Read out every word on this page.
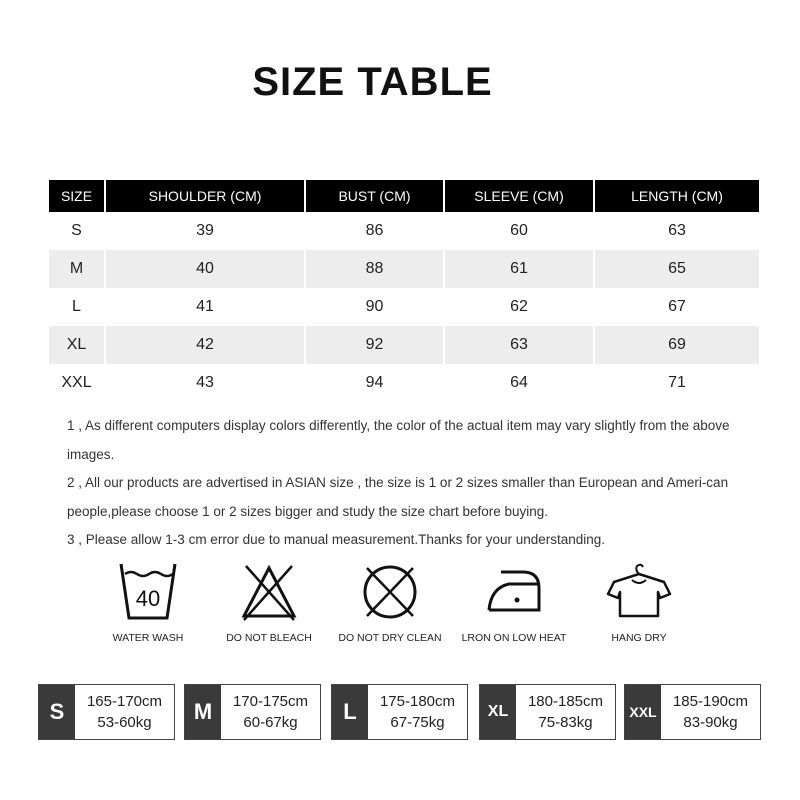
SIZE TABLE
SIZE	SHOULDER (CM)	BUST (CM)	SLEEVE (CM)	LENGTH (CM)
S	39	86	60	63
M	40	88	61	65
L	41	90	62	67
XL	42	92	63	69
XXL	43	94	64	71

1 , As different computers display colors differently, the color of the actual item may vary slightly from the above images.

2 , All our products are advertised in ASIAN size , the size is 1 or 2 sizes smaller than European and Ameri-can people,please choose 1 or 2 sizes bigger and study the size chart before buying.

3 , Please allow 1-3 cm error due to manual measurement.Thanks for your understanding.

40
WATER WASH	DO NOT BLEACH	DO NOT DRY CLEAN	LRON ON LOW HEAT	HANG DRY
S	165-170cm
53-60kg	M	170-175cm
60-67kg	L	175-180cm
67-75kg
XL
180-185cm
75-83kg
XXL
185-190cm
83-90kg
